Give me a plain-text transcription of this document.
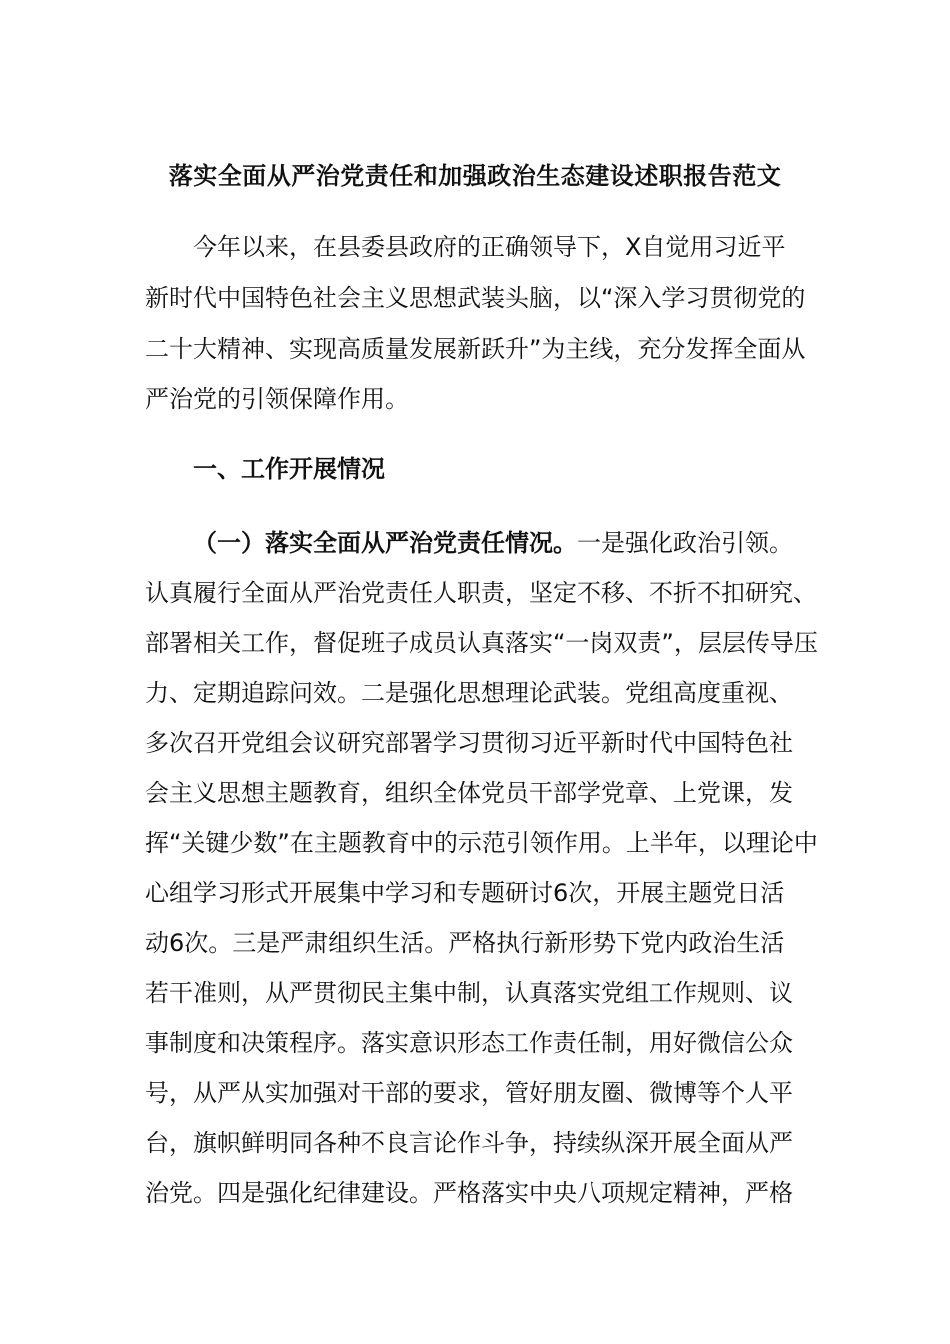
落实全面从严治党责任和加强政治生态建设述职报告范文
今年以来，在县委县政府的正确领导下，X自觉用习近平
新时代中国特色社会主义思想武装头脑，以“深入学习贯彻党的
二十大精神、实现高质量发展新跃升”为主线，充分发挥全面从
严治党的引领保障作用。
一、工作开展情况
（一）落实全面从严治党责任情况。一是强化政治引领。
认真履行全面从严治党责任人职责，坚定不移、不折不扣研究、
部署相关工作，督促班子成员认真落实“一岗双责”，层层传导压
力、定期追踪问效。二是强化思想理论武装。党组高度重视、
多次召开党组会议研究部署学习贯彻习近平新时代中国特色社
会主义思想主题教育，组织全体党员干部学党章、上党课，发
挥“关键少数”在主题教育中的示范引领作用。上半年，以理论中
心组学习形式开展集中学习和专题研讨6次，开展主题党日活
动6次。三是严肃组织生活。严格执行新形势下党内政治生活
若干准则，从严贯彻民主集中制，认真落实党组工作规则、议
事制度和决策程序。落实意识形态工作责任制，用好微信公众
号，从严从实加强对干部的要求，管好朋友圈、微博等个人平
台，旗帜鲜明同各种不良言论作斗争，持续纵深开展全面从严
治党。四是强化纪律建设。严格落实中央八项规定精神，严格
